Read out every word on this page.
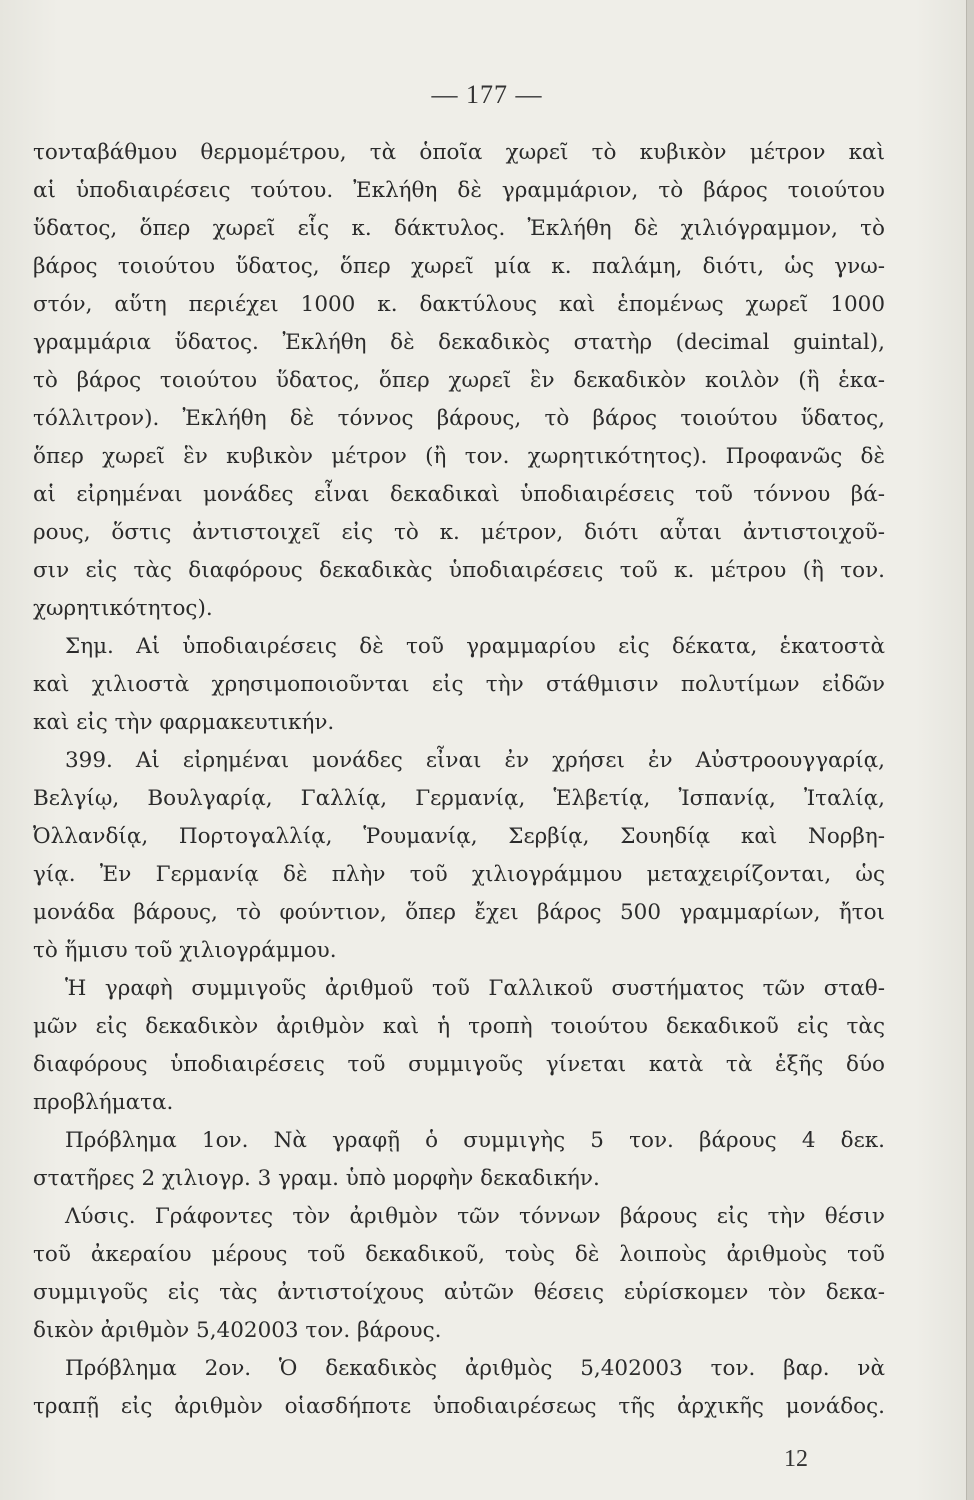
— 177 —
τονταβάθμου θερμομέτρου, τὰ ὁποῖα χωρεῖ τὸ κυβικὸν μέτρον καὶ
αἱ ὑποδιαιρέσεις τούτου. Ἐκλήθη δὲ γραμμάριον, τὸ βάρος τοιούτου
ὕδατος, ὅπερ χωρεῖ εἷς κ. δάκτυλος. Ἐκλήθη δὲ χιλιόγραμμον, τὸ
βάρος τοιούτου ὕδατος, ὅπερ χωρεῖ μία κ. παλάμη, διότι, ὡς γνω-
στόν, αὕτη περιέχει 1000 κ. δακτύλους καὶ ἑπομένως χωρεῖ 1000
γραμμάρια ὕδατος. Ἐκλήθη δὲ δεκαδικὸς στατὴρ (decimal guintal),
τὸ βάρος τοιούτου ὕδατος, ὅπερ χωρεῖ ἓν δεκαδικὸν κοιλὸν (ἢ ἑκα-
τόλλιτρον). Ἐκλήθη δὲ τόννος βάρους, τὸ βάρος τοιούτου ὕδατος,
ὅπερ χωρεῖ ἓν κυβικὸν μέτρον (ἢ τον. χωρητικότητος). Προφανῶς δὲ
αἱ εἰρημέναι μονάδες εἶναι δεκαδικαὶ ὑποδιαιρέσεις τοῦ τόννου βά-
ρους, ὅστις ἀντιστοιχεῖ εἰς τὸ κ. μέτρον, διότι αὗται ἀντιστοιχοῦ-
σιν εἰς τὰς διαφόρους δεκαδικὰς ὑποδιαιρέσεις τοῦ κ. μέτρου (ἢ τον.
χωρητικότητος).
Σημ. Αἱ ὑποδιαιρέσεις δὲ τοῦ γραμμαρίου εἰς δέκατα, ἑκατοστὰ
καὶ χιλιοστὰ χρησιμοποιοῦνται εἰς τὴν στάθμισιν πολυτίμων εἰδῶν
καὶ εἰς τὴν φαρμακευτικήν.
399. Αἱ εἰρημέναι μονάδες εἶναι ἐν χρήσει ἐν Αὐστροουγγαρίᾳ,
Βελγίῳ, Βουλγαρίᾳ, Γαλλίᾳ, Γερμανίᾳ, Ἑλβετίᾳ, Ἰσπανίᾳ, Ἰταλίᾳ,
Ὀλλανδίᾳ, Πορτογαλλίᾳ, Ῥουμανίᾳ, Σερβίᾳ, Σουηδίᾳ καὶ Νορβη-
γίᾳ. Ἐν Γερμανίᾳ δὲ πλὴν τοῦ χιλιογράμμου μεταχειρίζονται, ὡς
μονάδα βάρους, τὸ φούντιον, ὅπερ ἔχει βάρος 500 γραμμαρίων, ἤτοι
τὸ ἥμισυ τοῦ χιλιογράμμου.
Ἡ γραφὴ συμμιγοῦς ἀριθμοῦ τοῦ Γαλλικοῦ συστήματος τῶν σταθ-
μῶν εἰς δεκαδικὸν ἀριθμὸν καὶ ἡ τροπὴ τοιούτου δεκαδικοῦ εἰς τὰς
διαφόρους ὑποδιαιρέσεις τοῦ συμμιγοῦς γίνεται κατὰ τὰ ἑξῆς δύο
προβλήματα.
Πρόβλημα 1ον. Νὰ γραφῇ ὁ συμμιγὴς 5 τον. βάρους 4 δεκ.
στατῆρες 2 χιλιογρ. 3 γραμ. ὑπὸ μορφὴν δεκαδικήν.
Λύσις. Γράφοντες τὸν ἀριθμὸν τῶν τόννων βάρους εἰς τὴν θέσιν
τοῦ ἀκεραίου μέρους τοῦ δεκαδικοῦ, τοὺς δὲ λοιποὺς ἀριθμοὺς τοῦ
συμμιγοῦς εἰς τὰς ἀντιστοίχους αὐτῶν θέσεις εὑρίσκομεν τὸν δεκα-
δικὸν ἀριθμὸν 5,402003 τον. βάρους.
Πρόβλημα 2ον. Ὁ δεκαδικὸς ἀριθμὸς 5,402003 τον. βαρ. νὰ
τραπῇ εἰς ἀριθμὸν οἱασδήποτε ὑποδιαιρέσεως τῆς ἀρχικῆς μονάδος.
12
